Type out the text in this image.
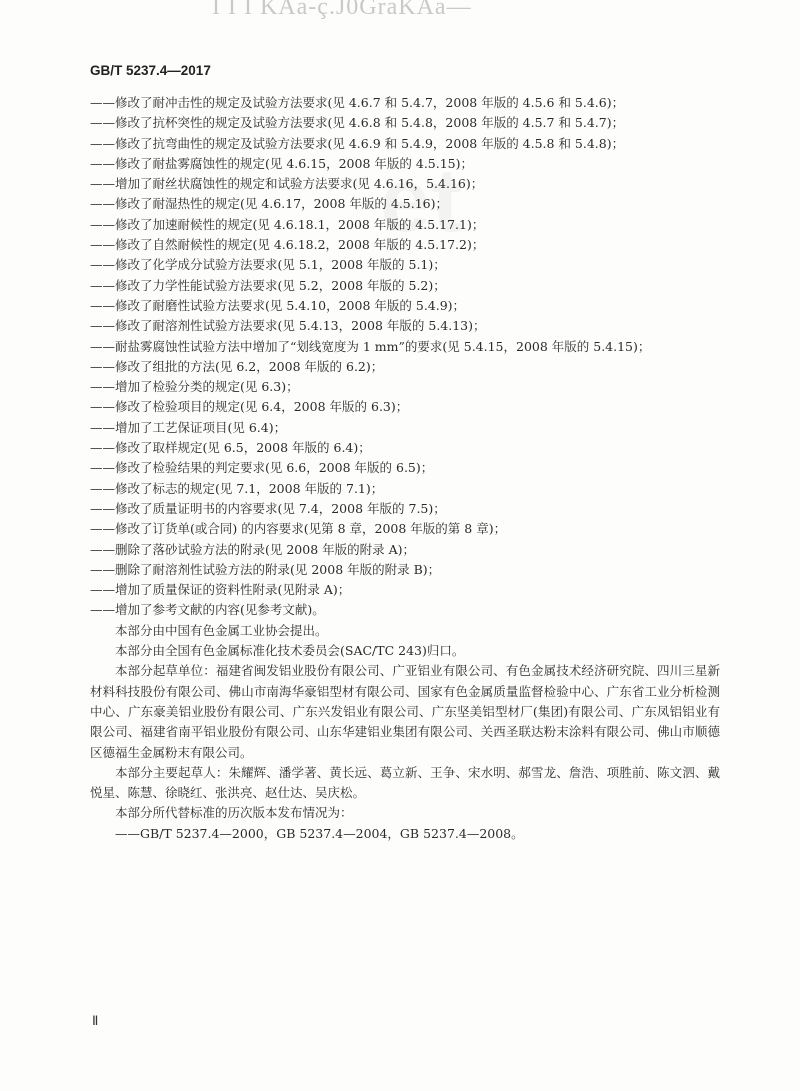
I I I KAa-ç.J0GraKAa—
GB/T 5237.4—2017
et
——修改了耐冲击性的规定及试验方法要求(见 4.6.7 和 5.4.7，2008 年版的 4.5.6 和 5.4.6)；
——修改了抗杯突性的规定及试验方法要求(见 4.6.8 和 5.4.8，2008 年版的 4.5.7 和 5.4.7)；
——修改了抗弯曲性的规定及试验方法要求(见 4.6.9 和 5.4.9，2008 年版的 4.5.8 和 5.4.8)；
——修改了耐盐雾腐蚀性的规定(见 4.6.15，2008 年版的 4.5.15)；
——增加了耐丝状腐蚀性的规定和试验方法要求(见 4.6.16，5.4.16)；
——修改了耐湿热性的规定(见 4.6.17，2008 年版的 4.5.16)；
——修改了加速耐候性的规定(见 4.6.18.1，2008 年版的 4.5.17.1)；
——修改了自然耐候性的规定(见 4.6.18.2，2008 年版的 4.5.17.2)；
——修改了化学成分试验方法要求(见 5.1，2008 年版的 5.1)；
——修改了力学性能试验方法要求(见 5.2，2008 年版的 5.2)；
——修改了耐磨性试验方法要求(见 5.4.10，2008 年版的 5.4.9)；
——修改了耐溶剂性试验方法要求(见 5.4.13，2008 年版的 5.4.13)；
——耐盐雾腐蚀性试验方法中增加了“划线宽度为 1 mm”的要求(见 5.4.15，2008 年版的 5.4.15)；
——修改了组批的方法(见 6.2，2008 年版的 6.2)；
——增加了检验分类的规定(见 6.3)；
——修改了检验项目的规定(见 6.4，2008 年版的 6.3)；
——增加了工艺保证项目(见 6.4)；
——修改了取样规定(见 6.5，2008 年版的 6.4)；
——修改了检验结果的判定要求(见 6.6，2008 年版的 6.5)；
——修改了标志的规定(见 7.1，2008 年版的 7.1)；
——修改了质量证明书的内容要求(见 7.4，2008 年版的 7.5)；
——修改了订货单(或合同) 的内容要求(见第 8 章，2008 年版的第 8 章)；
——删除了落砂试验方法的附录(见 2008 年版的附录 A)；
——删除了耐溶剂性试验方法的附录(见 2008 年版的附录 B)；
——增加了质量保证的资料性附录(见附录 A)；
——增加了参考文献的内容(见参考文献)。
本部分由中国有色金属工业协会提出。
本部分由全国有色金属标准化技术委员会(SAC/TC 243)归口。
本部分起草单位：福建省闽发铝业股份有限公司、广亚铝业有限公司、有色金属技术经济研究院、四川三星新材料科技股份有限公司、佛山市南海华豪铝型材有限公司、国家有色金属质量监督检验中心、广东省工业分析检测中心、广东豪美铝业股份有限公司、广东兴发铝业有限公司、广东坚美铝型材厂(集团)有限公司、广东凤铝铝业有限公司、福建省南平铝业股份有限公司、山东华建铝业集团有限公司、关西圣联达粉末涂料有限公司、佛山市顺德区德福生金属粉末有限公司。
本部分主要起草人：朱耀辉、潘学著、黄长远、葛立新、王争、宋水明、郝雪龙、詹浩、项胜前、陈文泗、戴悦星、陈慧、徐晓红、张洪亮、赵仕达、吴庆松。
本部分所代替标准的历次版本发布情况为：
——GB/T 5237.4—2000，GB 5237.4—2004，GB 5237.4—2008。
Ⅱ
